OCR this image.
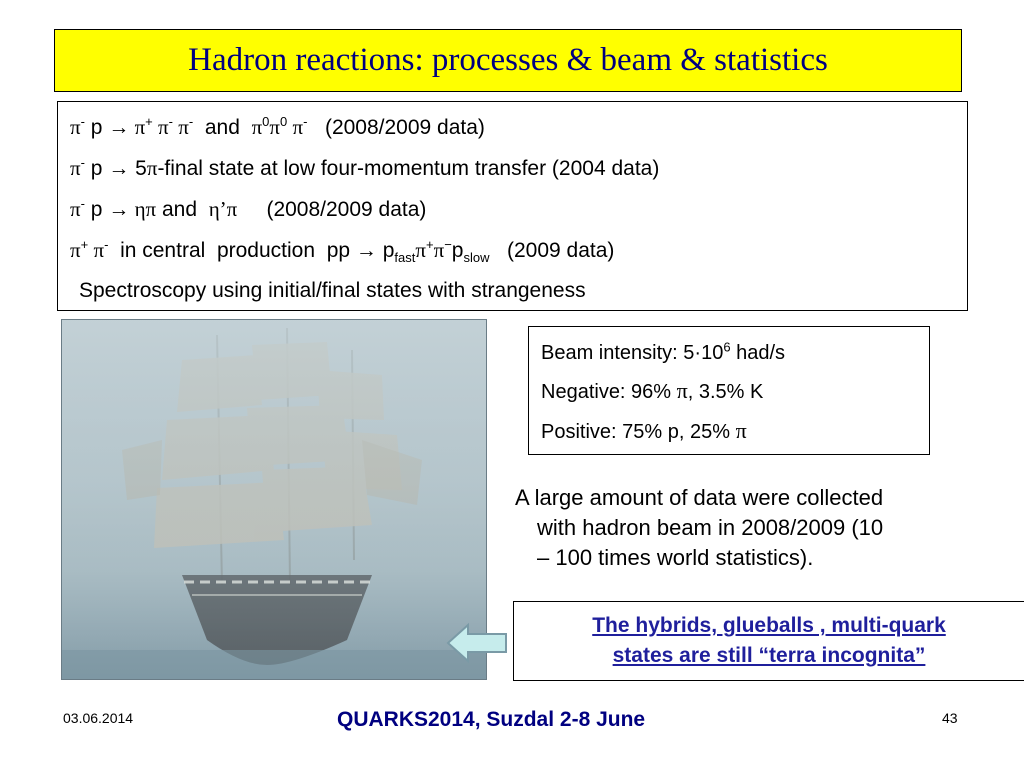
Hadron reactions: processes & beam & statistics
π- p → π+ π- π-  and  $\pi^0\pi^0$ π-   (2008/2009 data)
π- p → 5π-final state at low four-momentum transfer (2004 data)
π- p → ηπ and  η’π     (2008/2009 data)
π+ π-  in central  production  pp → $p_{fast}\pi^+\pi^-p_{slow}$   (2009 data)
Spectroscopy using initial/final states with strangeness
Beam intensity: $5\cdot 10^6$ had/s
Negative: 96% π, 3.5% K
Positive: 75% p, 25% π
A large amount of data were collected
with hadron beam in 2008/2009 (10
– 100 times world statistics).
The hybrids, glueballs , multi-quark
states are still “terra incognita”
03.06.2014	QUARKS2014, Suzdal 2-8 June	43
